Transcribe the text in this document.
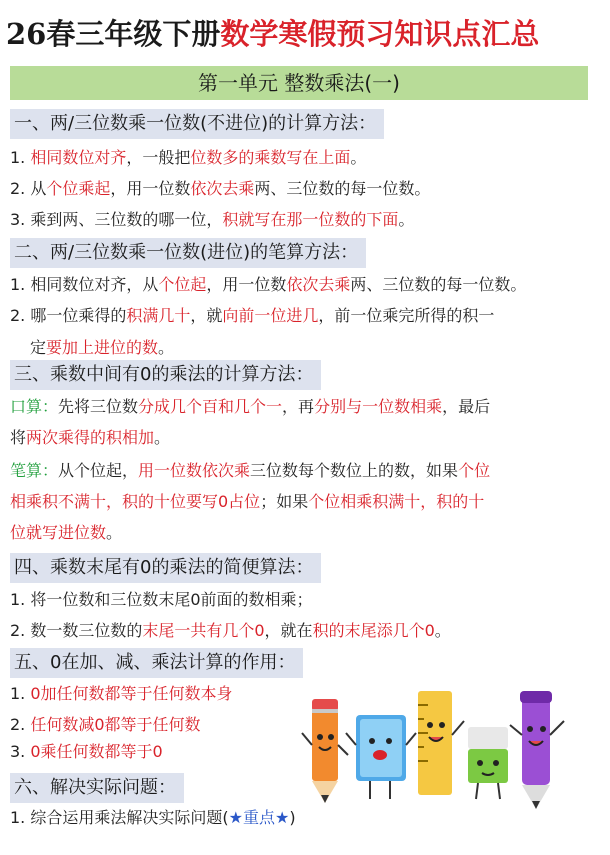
26春三年级下册数学寒假预习知识点汇总
第一单元 整数乘法(一)
一、两/三位数乘一位数(不进位)的计算方法：
1. 相同数位对齐，一般把位数多的乘数写在上面。
2. 从个位乘起，用一位数依次去乘两、三位数的每一位数。
3. 乘到两、三位数的哪一位，积就写在那一位数的下面。
二、两/三位数乘一位数(进位)的笔算方法：
1. 相同数位对齐，从个位起，用一位数依次去乘两、三位数的每一位数。
2. 哪一位乘得的积满几十，就向前一位进几，前一位乘完所得的积一
定要加上进位的数。
三、乘数中间有0的乘法的计算方法：
口算：先将三位数分成几个百和几个一，再分别与一位数相乘，最后
将两次乘得的积相加。
笔算：从个位起，用一位数依次乘三位数每个数位上的数，如果个位
相乘积不满十，积的十位要写0占位；如果个位相乘积满十，积的十
位就写进位数。
四、乘数末尾有0的乘法的简便算法：
1. 将一位数和三位数末尾0前面的数相乘；
2. 数一数三位数的末尾一共有几个0，就在积的末尾添几个0。
五、0在加、减、乘法计算的作用：
1. 0加任何数都等于任何数本身
2. 任何数减0都等于任何数
3. 0乘任何数都等于0
六、解决实际问题：
1. 综合运用乘法解决实际问题(★重点★)
